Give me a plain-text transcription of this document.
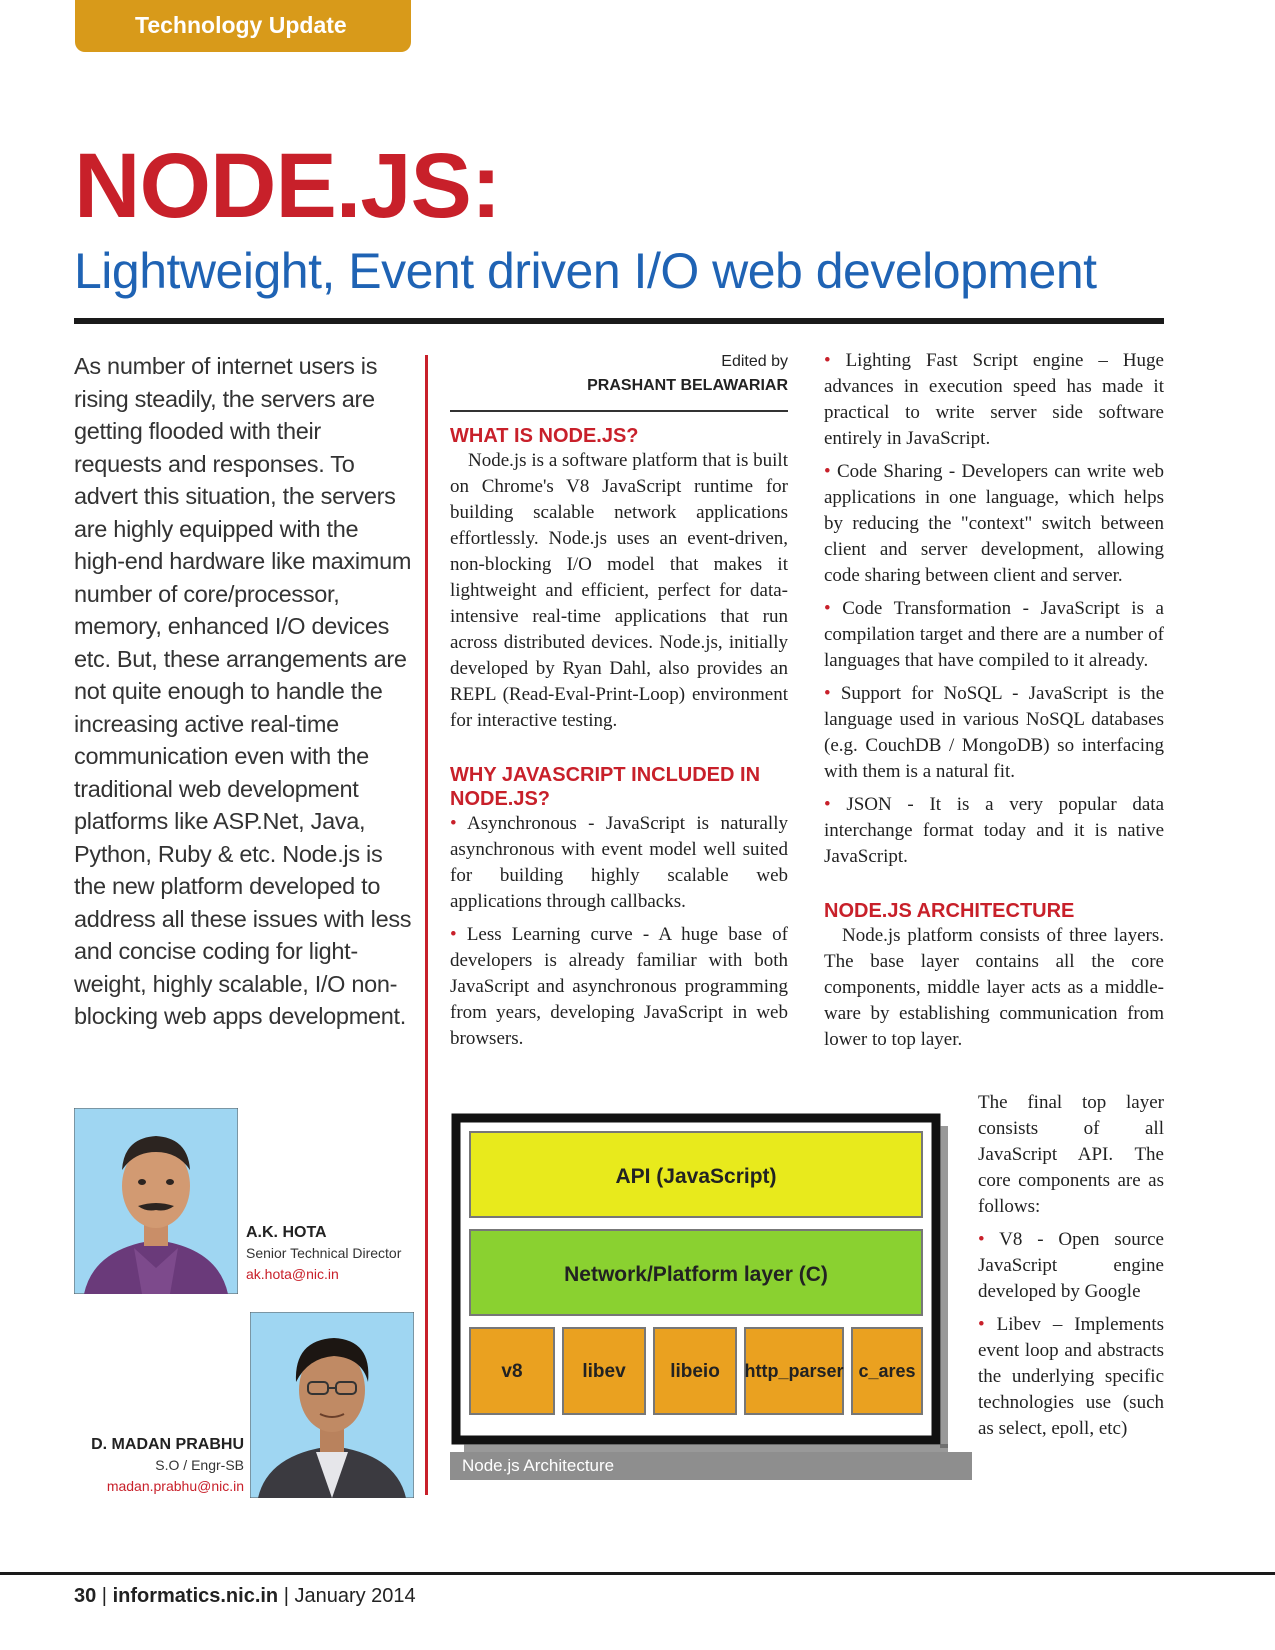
Technology Update
NODE.JS:
Lightweight, Event driven I/O web development

As number of internet users is rising steadily, the servers are getting flooded with their requests and responses. To advert this situation, the servers are highly equipped with the high-end hardware like maximum number of core/processor, memory, enhanced I/O devices etc. But, these arrangements are not quite enough to handle the increasing active real-time communication even with the traditional web development platforms like ASP.Net, Java, Python, Ruby & etc. Node.js is the new platform developed to address all these issues with less and concise coding for light-weight, highly scalable, I/O non-blocking web apps development.

A.K. HOTA
Senior Technical Director
ak.hota@nic.in
D. MADAN PRABHU
S.O / Engr-SB
madan.prabhu@nic.in
Edited by
PRASHANT BELAWARIAR
WHAT IS NODE.JS?

Node.js is a software platform that is built on Chrome's V8 JavaScript runtime for building scalable network applications effortlessly. Node.js uses an event-driven, non-blocking I/O model that makes it lightweight and efficient, perfect for data-intensive real-time applications that run across distributed devices. Node.js, initially developed by Ryan Dahl, also provides an REPL (Read-Eval-Print-Loop) environment for interactive testing.

WHY JAVASCRIPT INCLUDED IN NODE.JS?

• Asynchronous - JavaScript is naturally asynchronous with event model well suited for building highly scalable web applications through callbacks.

• Less Learning curve - A huge base of developers is already familiar with both JavaScript and asynchronous programming from years, developing JavaScript in web browsers.

• Lighting Fast Script engine – Huge advances in execution speed has made it practical to write server side software entirely in JavaScript.

• Code Sharing - Developers can write web applications in one language, which helps by reducing the "context" switch between client and server development, allowing code sharing between client and server.

• Code Transformation - JavaScript is a compilation target and there are a number of languages that have compiled to it already.

• Support for NoSQL - JavaScript is the language used in various NoSQL databases (e.g. CouchDB / MongoDB) so interfacing with them is a natural fit.

• JSON - It is a very popular data interchange format today and it is native JavaScript.

NODE.JS ARCHITECTURE

Node.js platform consists of three layers. The base layer contains all the core components, middle layer acts as a middle-ware by establishing communication from lower to top layer.

The final top layer consists of all JavaScript API. The core components are as follows:

• V8 - Open source JavaScript engine developed by Google

• Libev – Implements event loop and abstracts the underlying specific technologies use (such as select, epoll, etc)

API (JavaScript)
Network/Platform layer (C)
v8	libev libeio http_parser c_ares
Node.js Architecture
30 | informatics.nic.in | January 2014
